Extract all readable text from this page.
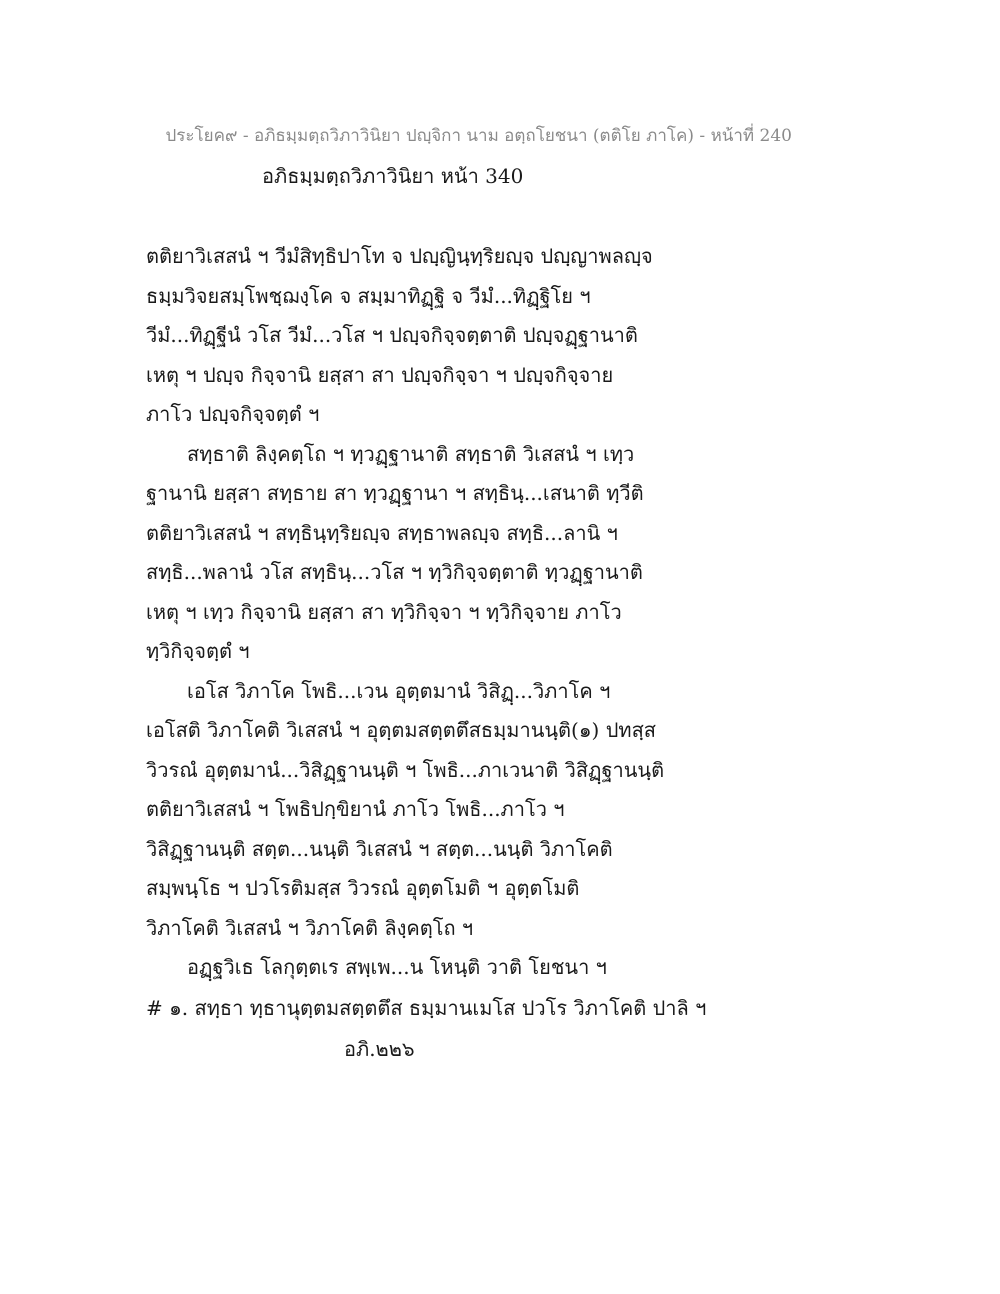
ประโยค๙ - อภิธมฺมตฺถวิภาวินิยา ปญฺจิกา นาม อตฺถโยชนา (ตติโย ภาโค) - หน้าที่ 240
อภิธมฺมตฺถวิภาวินิยา หน้า 340
ตติยาวิเสสนํ ฯ วีมํสิทฺธิปาโท จ ปญฺญินฺทฺริยญฺจ ปญฺญาพลญฺจ
ธมฺมวิจยสมฺโพชฺฌงฺโค จ สมฺมาทิฏฺฐิ จ วีมํ...ทิฏฺฐิโย ฯ
วีมํ...ทิฏฺฐีนํ วโส วีมํ...วโส ฯ ปญฺจกิจฺจตฺตาติ ปญฺจฏฺฐานาติ
เหตุ ฯ ปญฺจ กิจฺจานิ ยสฺสา สา ปญฺจกิจฺจา ฯ ปญฺจกิจฺจาย
ภาโว ปญฺจกิจฺจตฺตํ ฯ
สทฺธาติ ลิงฺคตฺโถ ฯ ทฺวฏฺฐานาติ สทฺธาติ วิเสสนํ ฯ เทฺว
ฐานานิ ยสฺสา สทฺธาย สา ทฺวฏฺฐานา ฯ สทฺธินฺ...เสนาติ ทฺวีติ
ตติยาวิเสสนํ ฯ สทฺธินฺทฺริยญฺจ สทฺธาพลญฺจ สทฺธิ...ลานิ ฯ
สทฺธิ...พลานํ วโส สทฺธินฺ...วโส ฯ ทฺวิกิจฺจตฺตาติ ทฺวฏฺฐานาติ
เหตุ ฯ เทฺว กิจฺจานิ ยสฺสา สา ทฺวิกิจฺจา ฯ ทฺวิกิจฺจาย ภาโว
ทฺวิกิจฺจตฺตํ ฯ
เอโส วิภาโค โพธิ...เวน อุตฺตมานํ วิสิฏฺ...วิภาโค ฯ
เอโสติ วิภาโคติ วิเสสนํ ฯ อุตฺตมสตฺตตึสธมฺมานนฺติ(๑) ปทสฺส
วิวรณํ อุตฺตมานํ...วิสิฏฺฐานนฺติ ฯ โพธิ...ภาเวนาติ วิสิฏฺฐานนฺติ
ตติยาวิเสสนํ ฯ โพธิปกฺขิยานํ ภาโว โพธิ...ภาโว ฯ
วิสิฏฺฐานนฺติ สตฺต...นนฺติ วิเสสนํ ฯ สตฺต...นนฺติ วิภาโคติ
สมฺพนฺโธ ฯ ปวโรติมสฺส วิวรณํ อุตฺตโมติ ฯ อุตฺตโมติ
วิภาโคติ วิเสสนํ ฯ วิภาโคติ ลิงฺคตฺโถ ฯ
อฏฺฐวิเธ โลกุตฺตเร สพฺเพ...น โหนฺติ วาติ โยชนา ฯ
# ๑. สทฺธา ทฺธานุตฺตมสตฺตตึส ธมฺมานเมโส ปวโร วิภาโคติ ปาลิ ฯ
อภิ.๒๒๖
